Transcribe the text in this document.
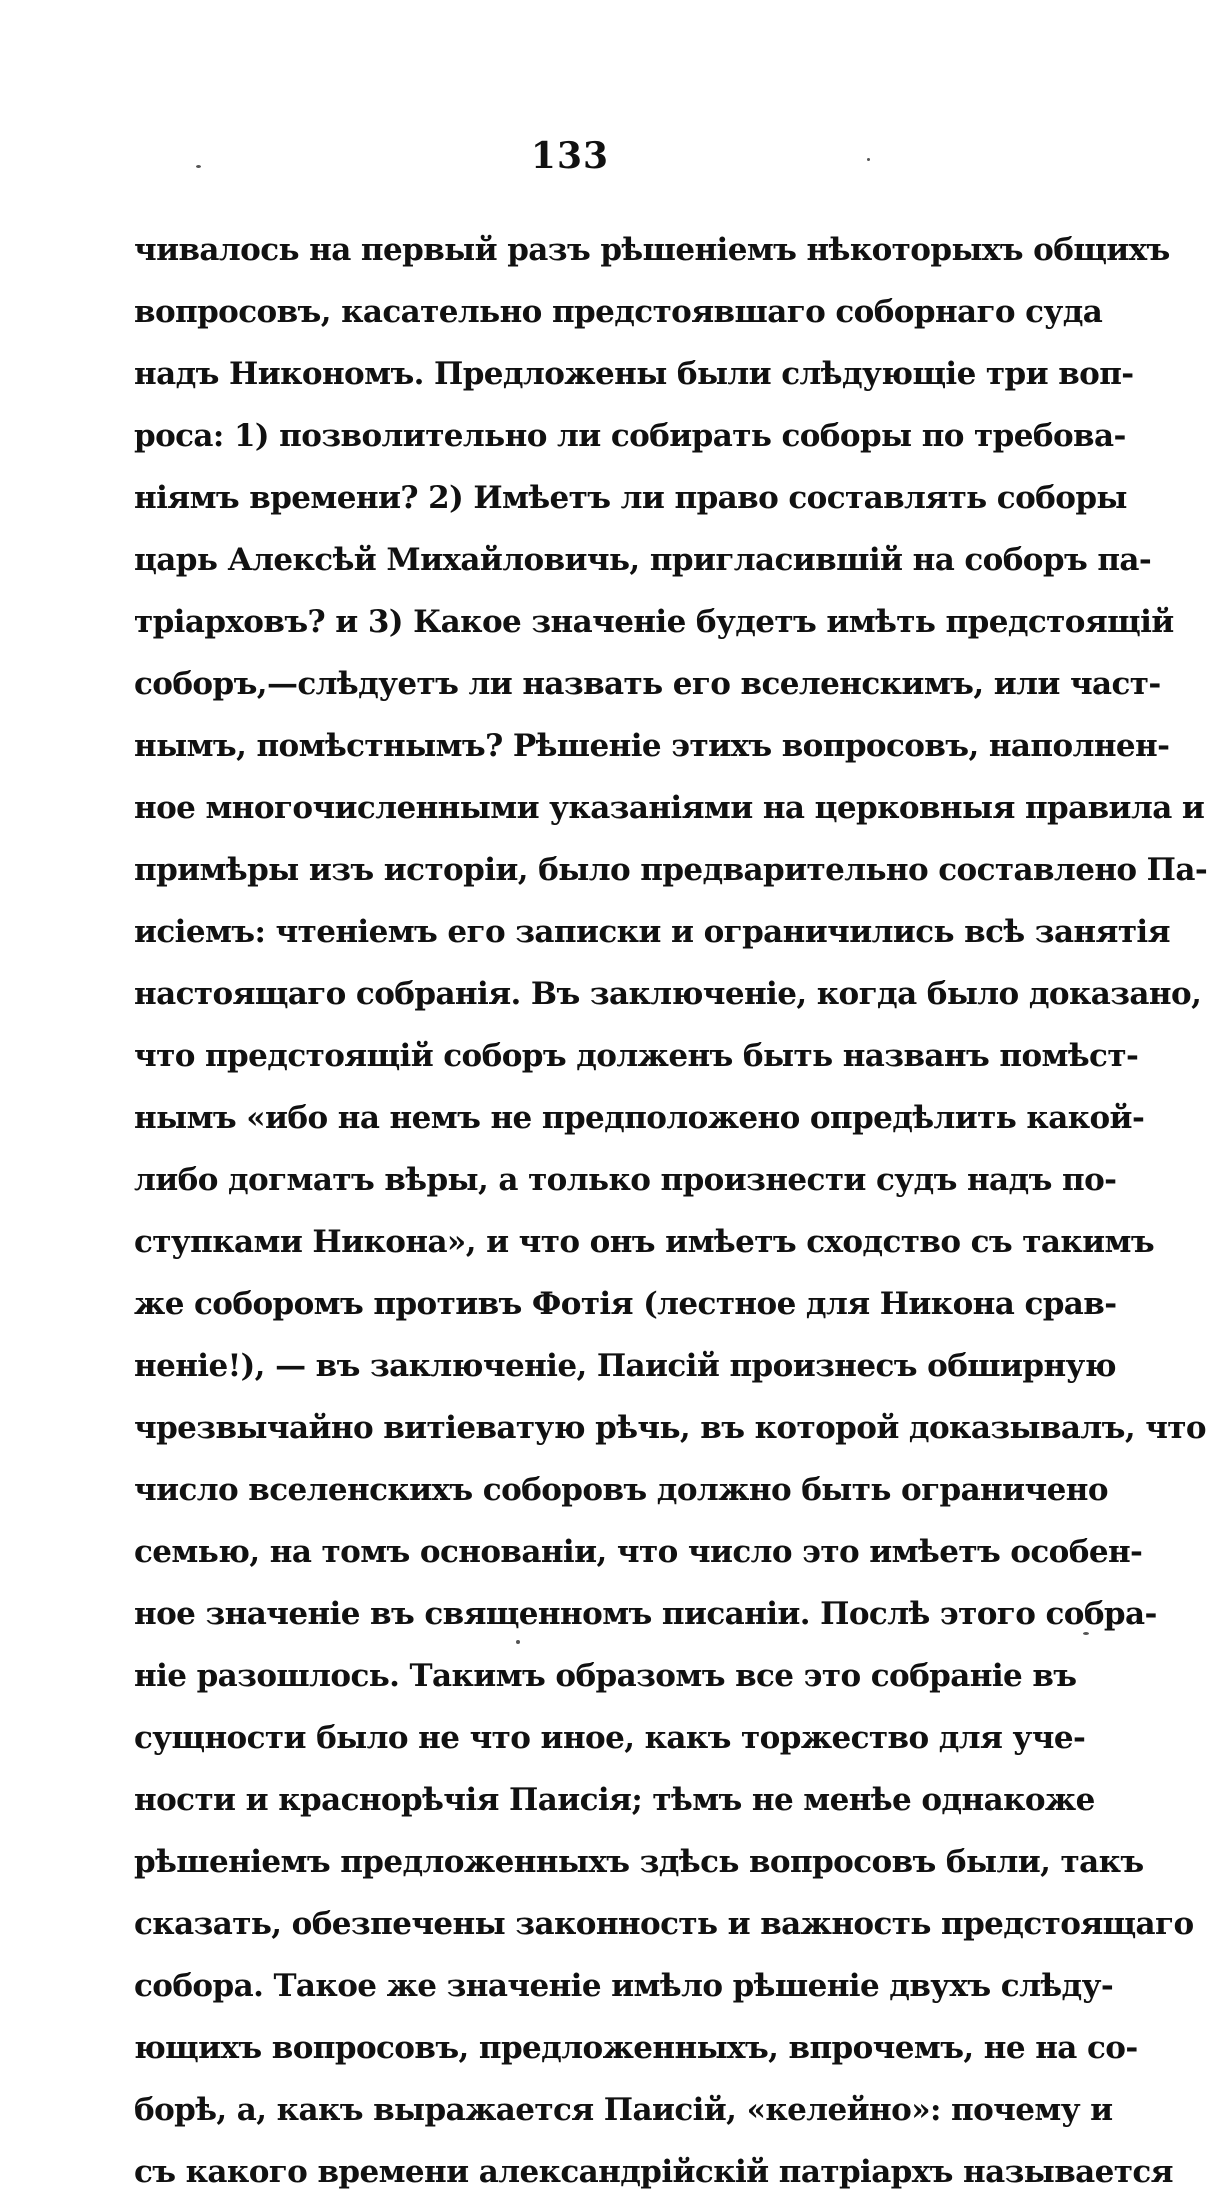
133
чивалось на первый разъ рѣшеніемъ нѣкоторыхъ общихъ
вопросовъ, касательно предстоявшаго соборнаго суда
надъ Никономъ. Предложены были слѣдующіе три воп-
роса: 1) позволительно ли собирать соборы по требова-
ніямъ времени? 2) Имѣетъ ли право составлять соборы
царь Алексѣй Михайловичь, пригласившій на соборъ па-
тріарховъ? и 3) Какое значеніе будетъ имѣть предстоящій
соборъ,—слѣдуетъ ли назвать его вселенскимъ, или част-
нымъ, помѣстнымъ? Рѣшеніе этихъ вопросовъ, наполнен-
ное многочисленными указаніями на церковныя правила и
примѣры изъ исторіи, было предварительно составлено Па-
исіемъ: чтеніемъ его записки и ограничились всѣ занятія
настоящаго собранія. Въ заключеніе, когда было доказано,
что предстоящій соборъ долженъ быть названъ помѣст-
нымъ «ибо на немъ не предположено опредѣлить какой-
либо догматъ вѣры, а только произнести судъ надъ по-
ступками Никона», и что онъ имѣетъ сходство съ такимъ
же соборомъ противъ Фотія (лестное для Никона срав-
неніе!), — въ заключеніе, Паисій произнесъ обширную
чрезвычайно витіеватую рѣчь, въ которой доказывалъ, что
число вселенскихъ соборовъ должно быть ограничено
семью, на томъ основаніи, что число это имѣетъ особен-
ное значеніе въ священномъ писаніи. Послѣ этого собра-
ніе разошлось. Такимъ образомъ все это собраніе въ
сущности было не что иное, какъ торжество для уче-
ности и краснорѣчія Паисія; тѣмъ не менѣе однакоже
рѣшеніемъ предложенныхъ здѣсь вопросовъ были, такъ
сказать, обезпечены законность и важность предстоящаго
собора. Такое же значеніе имѣло рѣшеніе двухъ слѣду-
ющихъ вопросовъ, предложенныхъ, впрочемъ, не на со-
борѣ, а, какъ выражается Паисій, «келейно»: почему и
съ какого времени александрійскій патріархъ называется
